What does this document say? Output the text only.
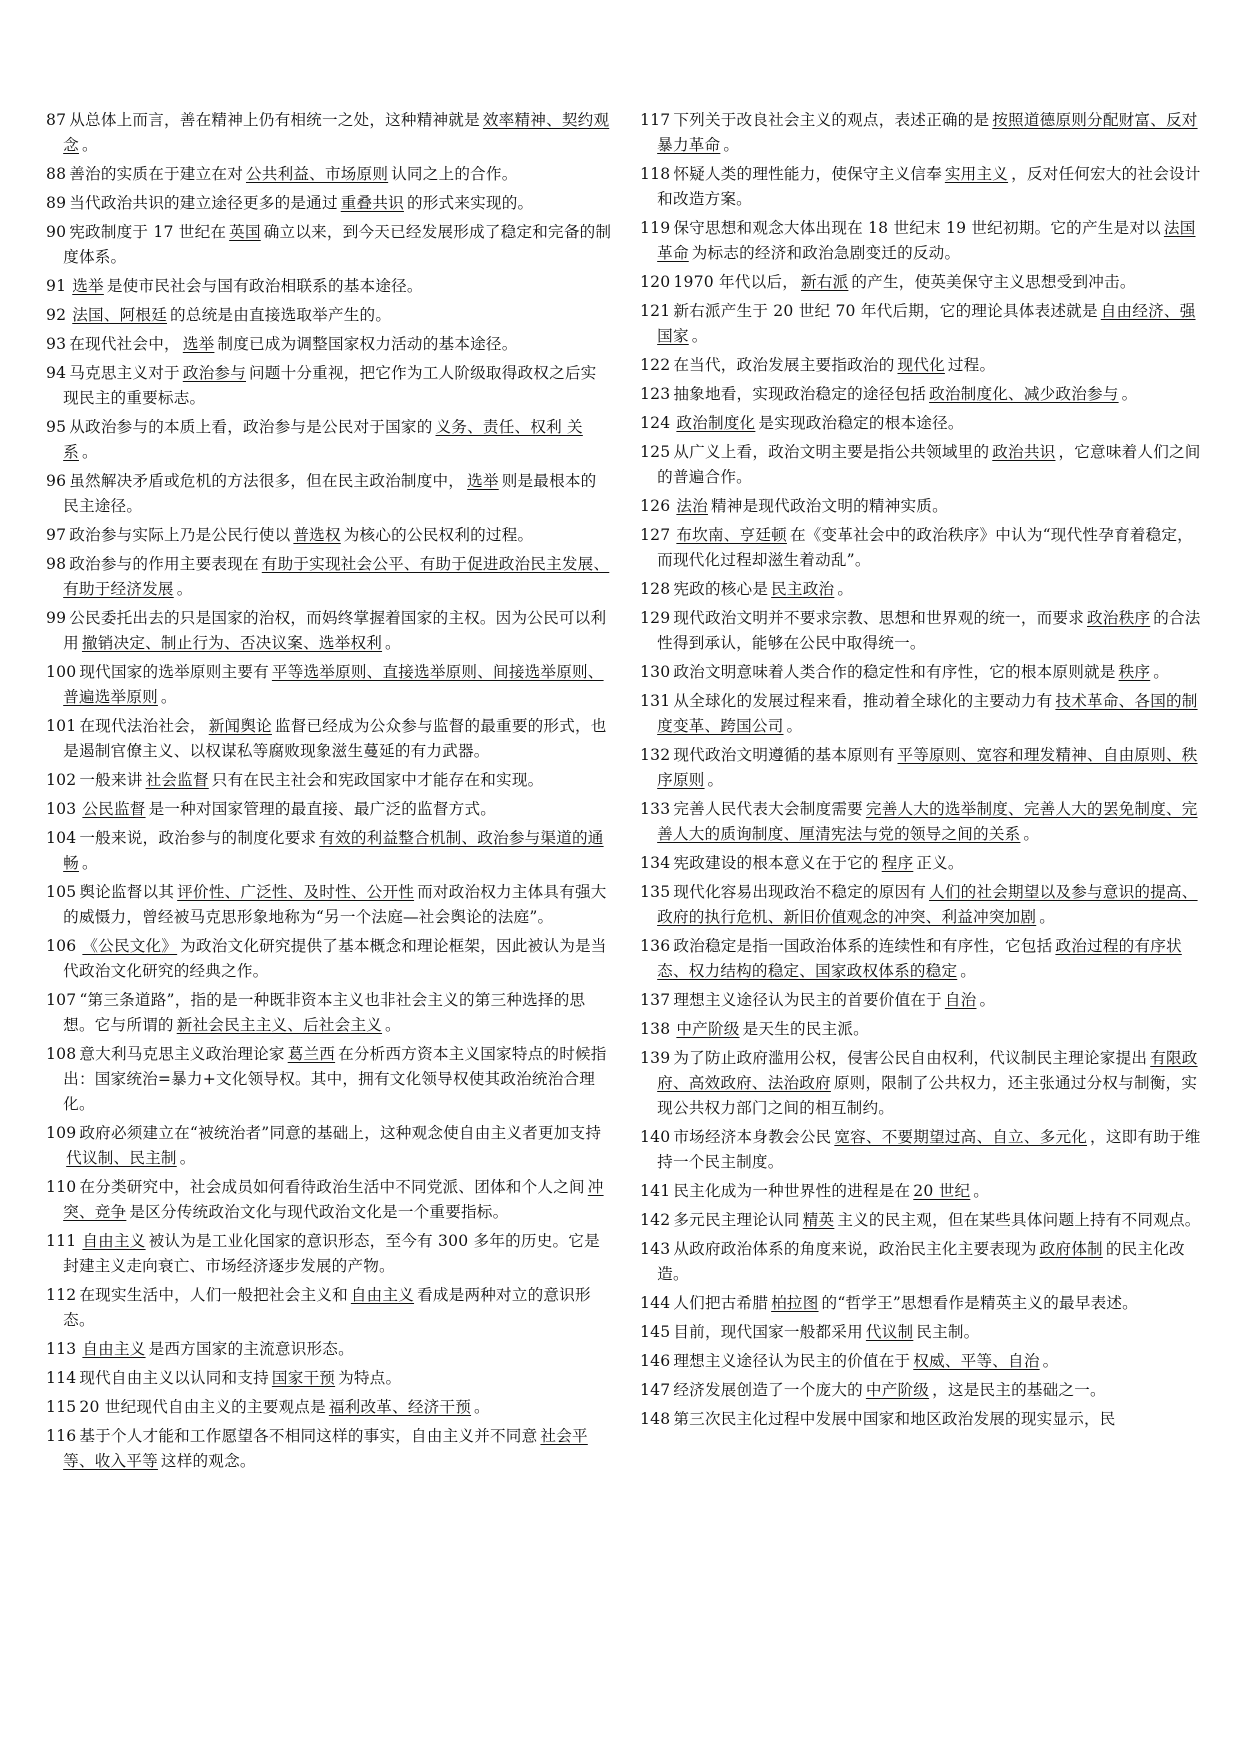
87 从总体上而言，善在精神上仍有相统一之处，这种精神就是 效率精神、契约观念 。
88 善治的实质在于建立在对 公共利益、市场原则 认同之上的合作。
89 当代政治共识的建立途径更多的是通过 重叠共识 的形式来实现的。
90 宪政制度于 17 世纪在 英国 确立以来，到今天已经发展形成了稳定和完备的制度体系。
91 选举 是使市民社会与国有政治相联系的基本途径。
92 法国、阿根廷 的总统是由直接选取举产生的。
93 在现代社会中， 选举 制度已成为调整国家权力活动的基本途径。
94 马克思主义对于 政治参与 问题十分重视，把它作为工人阶级取得政权之后实现民主的重要标志。
95 从政治参与的本质上看，政治参与是公民对于国家的 义务、责任、权利 关系 。
96 虽然解决矛盾或危机的方法很多，但在民主政治制度中， 选举 则是最根本的民主途径。
97 政治参与实际上乃是公民行使以 普选权 为核心的公民权利的过程。
98 政治参与的作用主要表现在 有助于实现社会公平、有助于促进政治民主发展、有助于经济发展 。
99 公民委托出去的只是国家的治权，而妈终掌握着国家的主权。因为公民可以利用 撤销决定、制止行为、否决议案、选举权利 。
100 现代国家的选举原则主要有 平等选举原则、直接选举原则、间接选举原则、普遍选举原则 。
101 在现代法治社会， 新闻舆论 监督已经成为公众参与监督的最重要的形式，也是遏制官僚主义、以权谋私等腐败现象滋生蔓延的有力武器。
102 一般来讲 社会监督 只有在民主社会和宪政国家中才能存在和实现。
103 公民监督 是一种对国家管理的最直接、最广泛的监督方式。
104 一般来说，政治参与的制度化要求 有效的利益整合机制、政治参与渠道的通畅 。
105 舆论监督以其 评价性、广泛性、及时性、公开性 而对政治权力主体具有强大的威慑力，曾经被马克思形象地称为“另一个法庭—社会舆论的法庭”。
106 《公民文化》 为政治文化研究提供了基本概念和理论框架，因此被认为是当代政治文化研究的经典之作。
107 “第三条道路”，指的是一种既非资本主义也非社会主义的第三种选择的思想。它与所谓的 新社会民主主义、后社会主义 。
108 意大利马克思主义政治理论家 葛兰西 在分析西方资本主义国家特点的时候指出：国家统治=暴力+文化领导权。其中，拥有文化领导权使其政治统治合理化。
109 政府必须建立在“被统治者”同意的基础上，这种观念使自由主义者更加支持代议制、民主制 。
110 在分类研究中，社会成员如何看待政治生活中不同党派、团体和个人之间 冲突、竞争 是区分传统政治文化与现代政治文化是一个重要指标。
111 自由主义 被认为是工业化国家的意识形态，至今有 300 多年的历史。它是封建主义走向衰亡、市场经济逐步发展的产物。
112 在现实生活中，人们一般把社会主义和 自由主义 看成是两种对立的意识形态。
113 自由主义 是西方国家的主流意识形态。
114 现代自由主义以认同和支持 国家干预 为特点。
115 20 世纪现代自由主义的主要观点是 福利改革、经济干预 。
116 基于个人才能和工作愿望各不相同这样的事实，自由主义并不同意 社会平等、收入平等 这样的观念。
117 下列关于改良社会主义的观点，表述正确的是 按照道德原则分配财富、反对暴力革命 。
118 怀疑人类的理性能力，使保守主义信奉 实用主义 ，反对任何宏大的社会设计和改造方案。
119 保守思想和观念大体出现在 18 世纪末 19 世纪初期。它的产生是对以 法国革命 为标志的经济和政治急剧变迁的反动。
120 1970 年代以后， 新右派 的产生，使英美保守主义思想受到冲击。
121 新右派产生于 20 世纪 70 年代后期，它的理论具体表述就是 自由经济、强国家 。
122 在当代，政治发展主要指政治的 现代化 过程。
123 抽象地看，实现政治稳定的途径包括 政治制度化、减少政治参与 。
124 政治制度化 是实现政治稳定的根本途径。
125 从广义上看，政治文明主要是指公共领域里的 政治共识 ，它意味着人们之间的普遍合作。
126 法治 精神是现代政治文明的精神实质。
127 布坎南、亨廷顿 在《变革社会中的政治秩序》中认为“现代性孕育着稳定，而现代化过程却滋生着动乱”。
128 宪政的核心是 民主政治 。
129 现代政治文明并不要求宗教、思想和世界观的统一，而要求 政治秩序 的合法性得到承认，能够在公民中取得统一。
130 政治文明意味着人类合作的稳定性和有序性，它的根本原则就是 秩序 。
131 从全球化的发展过程来看，推动着全球化的主要动力有 技术革命、各国的制度变革、跨国公司 。
132 现代政治文明遵循的基本原则有 平等原则、宽容和理发精神、自由原则、秩序原则 。
133 完善人民代表大会制度需要 完善人大的选举制度、完善人大的罢免制度、完善人大的质询制度、厘清宪法与党的领导之间的关系 。
134 宪政建设的根本意义在于它的 程序 正义。
135 现代化容易出现政治不稳定的原因有 人们的社会期望以及参与意识的提高、政府的执行危机、新旧价值观念的冲突、利益冲突加剧 。
136 政治稳定是指一国政治体系的连续性和有序性，它包括 政治过程的有序状态、权力结构的稳定、国家政权体系的稳定 。
137 理想主义途径认为民主的首要价值在于 自治 。
138 中产阶级 是天生的民主派。
139 为了防止政府滥用公权，侵害公民自由权利，代议制民主理论家提出 有限政府、高效政府、法治政府 原则，限制了公共权力，还主张通过分权与制衡，实现公共权力部门之间的相互制约。
140 市场经济本身教会公民 宽容、不要期望过高、自立、多元化 ，这即有助于维持一个民主制度。
141 民主化成为一种世界性的进程是在 20 世纪 。
142 多元民主理论认同 精英 主义的民主观，但在某些具体问题上持有不同观点。
143 从政府政治体系的角度来说，政治民主化主要表现为 政府体制 的民主化改造。
144 人们把古希腊 柏拉图 的“哲学王”思想看作是精英主义的最早表述。
145 目前，现代国家一般都采用 代议制 民主制。
146 理想主义途径认为民主的价值在于 权威、平等、自治 。
147 经济发展创造了一个庞大的 中产阶级 ，这是民主的基础之一。
148 第三次民主化过程中发展中国家和地区政治发展的现实显示，民
